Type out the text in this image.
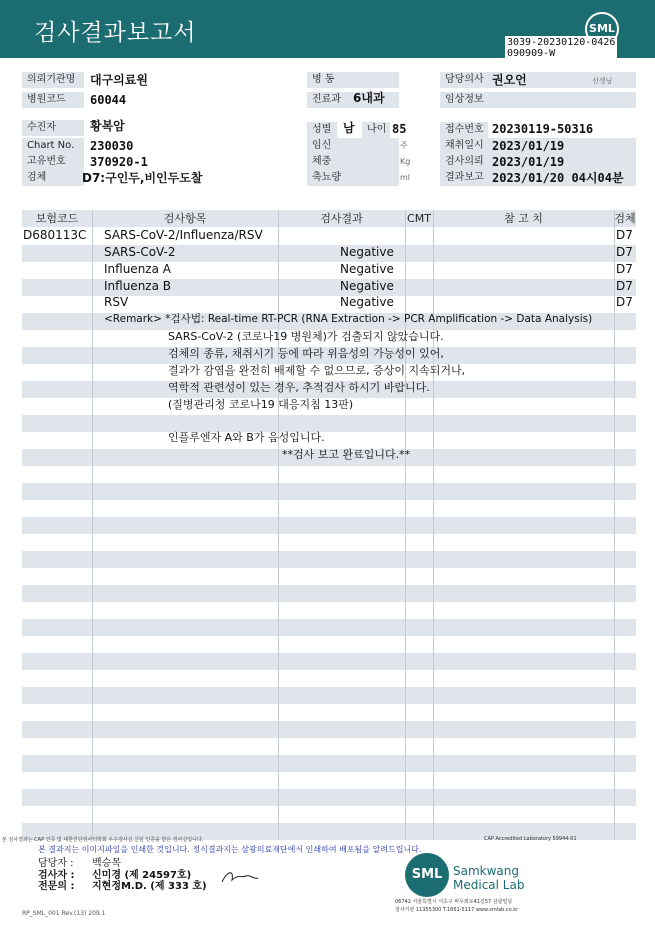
검사결과보고서	SML
3039-20230120-0426
090909-W
의뢰기관명	대구의료원
병원코드	60044
수진자	황복암
Chart No.	230030
고유번호	370920-1
검체	D7:구인두,비인두도찰
병 동
진료과	6내과
성별 남	나이 85
임신	주
체중	Kg
축뇨량	ml
담당의사 권오언	선생님
임상정보
접수번호 20230119-50316
채취일시 2023/01/19
검사의뢰 2023/01/19
결과보고 2023/01/20 04시04분
보험코드	검사항목	검사결과	CMT	참 고 치	검체
D680113C SARS-CoV-2/Influenza/RSV	D7
SARS-CoV-2	Negative	D7
Influenza A	Negative	D7
Influenza B	Negative	D7
RSV	Negative	D7
<Remark> *검사법: Real-time RT-PCR (RNA Extraction -> PCR Amplification -> Data Analysis)
SARS-CoV-2 (코로나19 병원체)가 검출되지 않았습니다.
검체의 종류, 채취시기 등에 따라 위음성의 가능성이 있어,
결과가 감염을 완전히 배제할 수 없으므로, 증상이 지속되거나,
역학적 관련성이 있는 경우, 추적검사 하시기 바랍니다.
(질병관리청 코로나19 대응지침 13판)
인플루엔자 A와 B가 음성입니다.
**검사 보고 완료입니다.**
본 검사결과는 CAP 인증 및 대한진단검사의학회 우수검사실 신임 인증을 받은 검사실입니다.	CAP Accredited Laboratory 59944-01
본 결과지는 이미지파일을 인쇄한 것입니다. 정식결과지는 삼광의료재단에서 인쇄하여 배포됨을 알려드립니다.
담당자 : 백승목
검사자 : 신미경 (제 24597호)
전문의 : 지현정M.D. (제 333 호)
SML Samkwang
Medical Lab
06742 서울특별시 서초구 바우뫼로41길57 삼광빌딩
검사기관 11355300 T.1661-5117 www.smlab.co.kr
RP_SML_001 Rev.(13) 209.1
